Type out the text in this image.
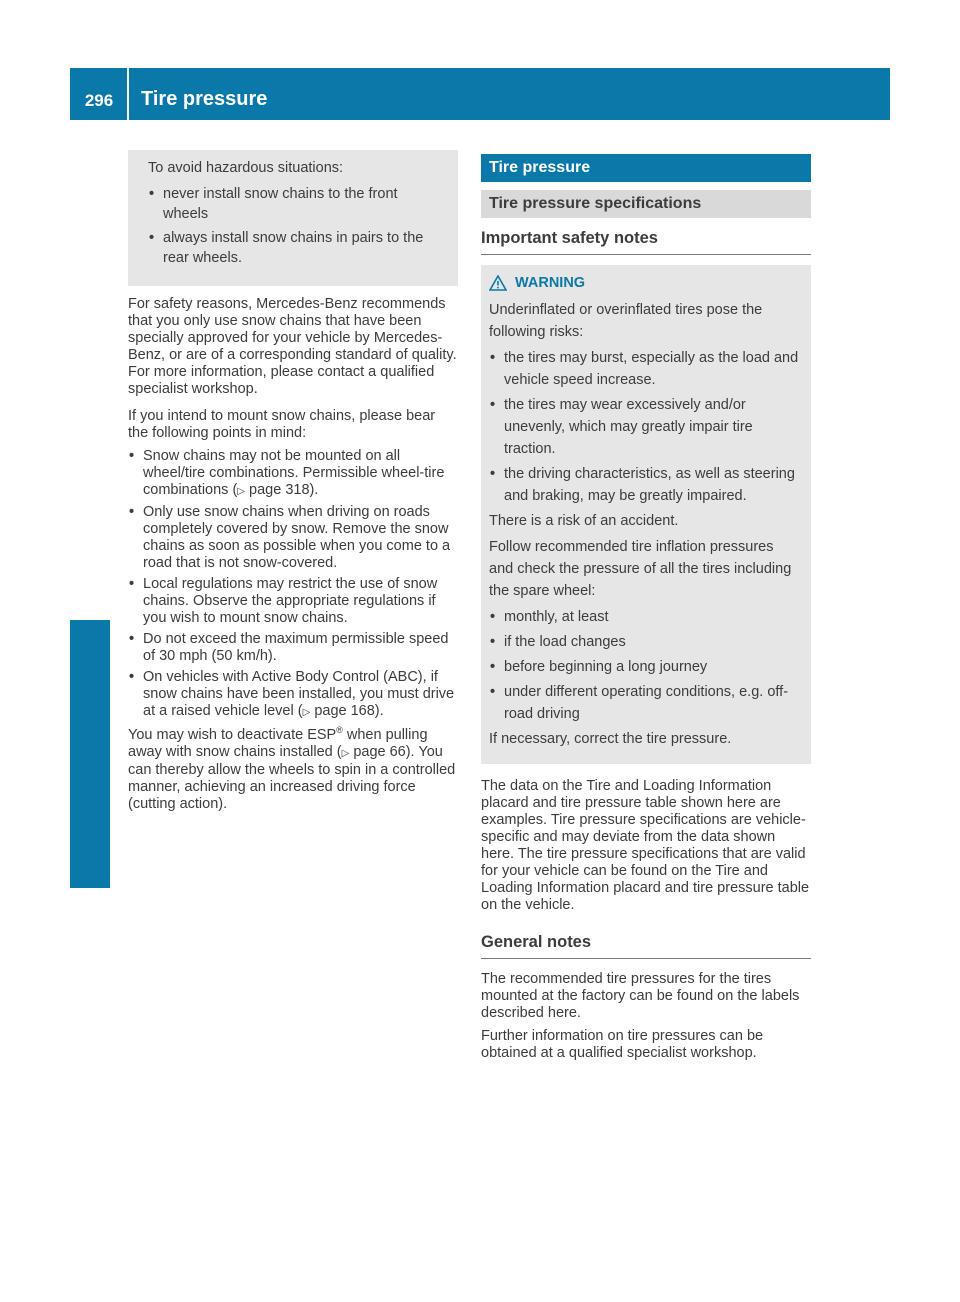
296	Tire pressure
Wheels and tires

To avoid hazardous situations:

• never install snow chains to the front wheels
• always install snow chains in pairs to the rear wheels.

For safety reasons, Mercedes-Benz recommends that you only use snow chains that have been specially approved for your vehicle by Mercedes-Benz, or are of a corresponding standard of quality. For more information, please contact a qualified specialist workshop.

If you intend to mount snow chains, please bear the following points in mind:

• Snow chains may not be mounted on all wheel/tire combinations. Permissible wheel-tire combinations (▷ page 318).
• Only use snow chains when driving on roads completely covered by snow. Remove the snow chains as soon as possible when you come to a road that is not snow-covered.
• Local regulations may restrict the use of snow chains. Observe the appropriate regulations if you wish to mount snow chains.
• Do not exceed the maximum permissible speed of 30 mph (50 km/h).
• On vehicles with Active Body Control (ABC), if snow chains have been installed, you must drive at a raised vehicle level (▷ page 168).

You may wish to deactivate ESP® when pulling away with snow chains installed (▷ page 66). You can thereby allow the wheels to spin in a controlled manner, achieving an increased driving force (cutting action).

Tire pressure
Tire pressure specifications
Important safety notes
WARNING

Underinflated or overinflated tires pose the following risks:

• the tires may burst, especially as the load and vehicle speed increase.
• the tires may wear excessively and/or unevenly, which may greatly impair tire traction.
• the driving characteristics, as well as steering and braking, may be greatly impaired.

There is a risk of an accident.

Follow recommended tire inflation pressures and check the pressure of all the tires including the spare wheel:

• monthly, at least
• if the load changes
• before beginning a long journey
• under different operating conditions, e.g. off-road driving

If necessary, correct the tire pressure.

The data on the Tire and Loading Information placard and tire pressure table shown here are examples. Tire pressure specifications are vehicle-specific and may deviate from the data shown here. The tire pressure specifications that are valid for your vehicle can be found on the Tire and Loading Information placard and tire pressure table on the vehicle.

General notes

The recommended tire pressures for the tires mounted at the factory can be found on the labels described here.

Further information on tire pressures can be obtained at a qualified specialist workshop.
